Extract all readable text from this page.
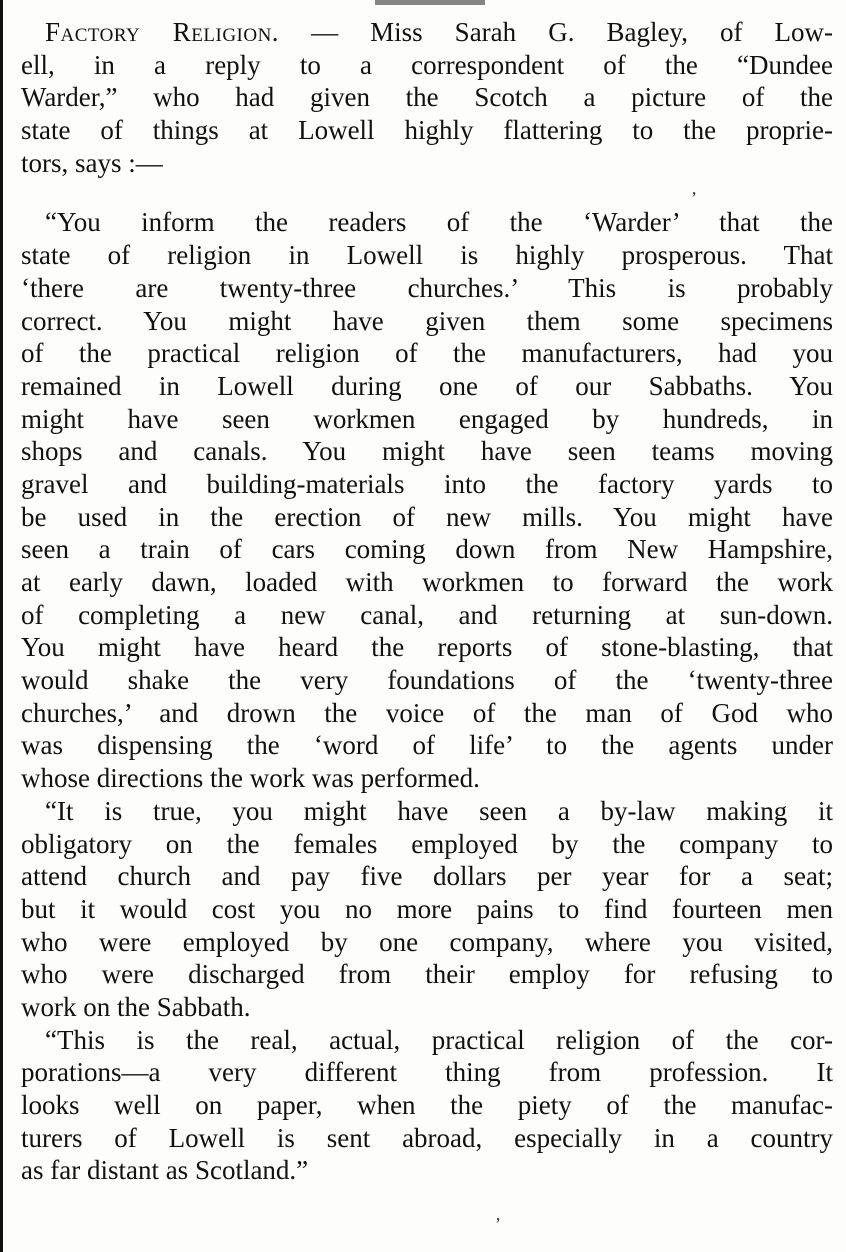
Factory Religion. — Miss Sarah G. Bagley, of Low-
ell, in a reply to a correspondent of the “Dundee
Warder,” who had given the Scotch a picture of the
state of things at Lowell highly flattering to the proprie-
tors, says :—
“You inform the readers of the ‘Warder’ that the
state of religion in Lowell is highly prosperous. That
‘there are twenty-three churches.’ This is probably
correct. You might have given them some specimens
of the practical religion of the manufacturers, had you
remained in Lowell during one of our Sabbaths. You
might have seen workmen engaged by hundreds, in
shops and canals. You might have seen teams moving
gravel and building-materials into the factory yards to
be used in the erection of new mills. You might have
seen a train of cars coming down from New Hampshire,
at early dawn, loaded with workmen to forward the work
of completing a new canal, and returning at sun-down.
You might have heard the reports of stone-blasting, that
would shake the very foundations of the ‘twenty-three
churches,’ and drown the voice of the man of God who
was dispensing the ‘word of life’ to the agents under
whose directions the work was performed.
“It is true, you might have seen a by-law making it
obligatory on the females employed by the company to
attend church and pay five dollars per year for a seat;
but it would cost you no more pains to find fourteen men
who were employed by one company, where you visited,
who were discharged from their employ for refusing to
work on the Sabbath.
“This is the real, actual, practical religion of the cor-
porations—a very different thing from profession. It
looks well on paper, when the piety of the manufac-
turers of Lowell is sent abroad, especially in a country
as far distant as Scotland.”
ʼ
ʼ
